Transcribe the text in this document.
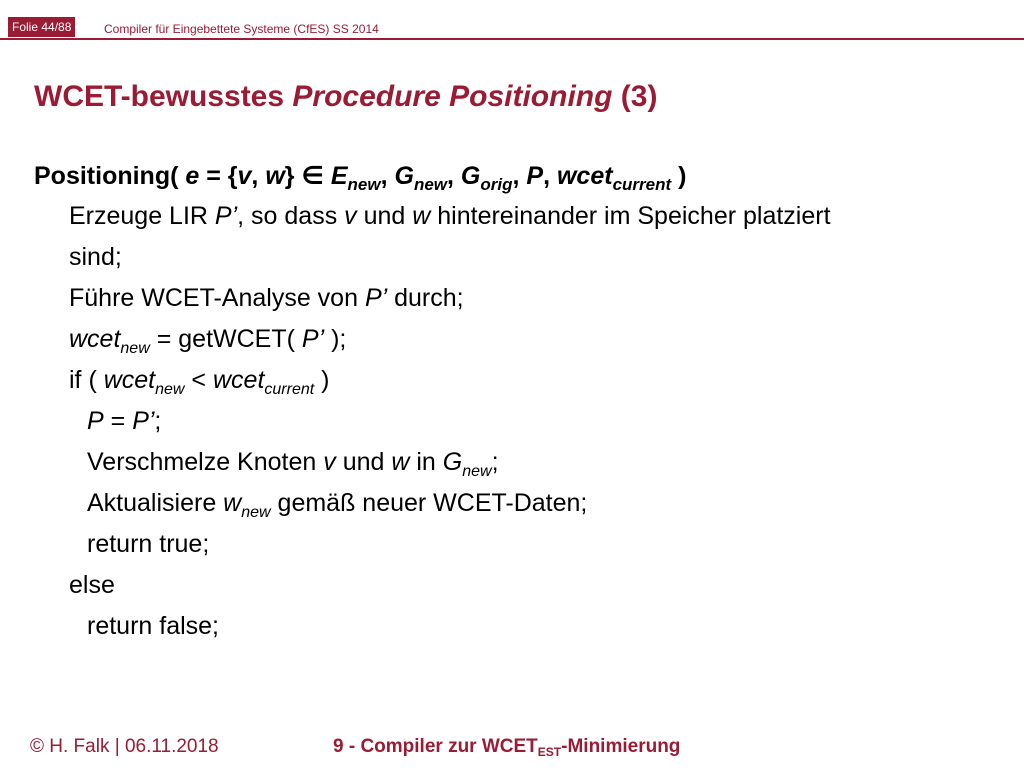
Folie 44/88	Compiler für Eingebettete Systeme (CfES) SS 2014
WCET-bewusstes Procedure Positioning (3)
Positioning( e = {v, w} ∈ $E_{new}$, $G_{new}$, $G_{orig}$, P, wcet$_{current}$ )
Erzeuge LIR P’, so dass v und w hintereinander im Speicher platziert
sind;
Führe WCET-Analyse von P’ durch;
wcet$_{new}$ = getWCET( P’ );
if ( wcet$_{new}$ < wcet$_{current}$ )
P = P’;
Verschmelze Knoten v und w in $G_{new}$;
Aktualisiere $w_{new}$ gemäß neuer WCET-Daten;
return true;
else
return false;
© H. Falk | 06.11.2018	9 - Compiler zur $WCET_{EST}$-Minimierung
